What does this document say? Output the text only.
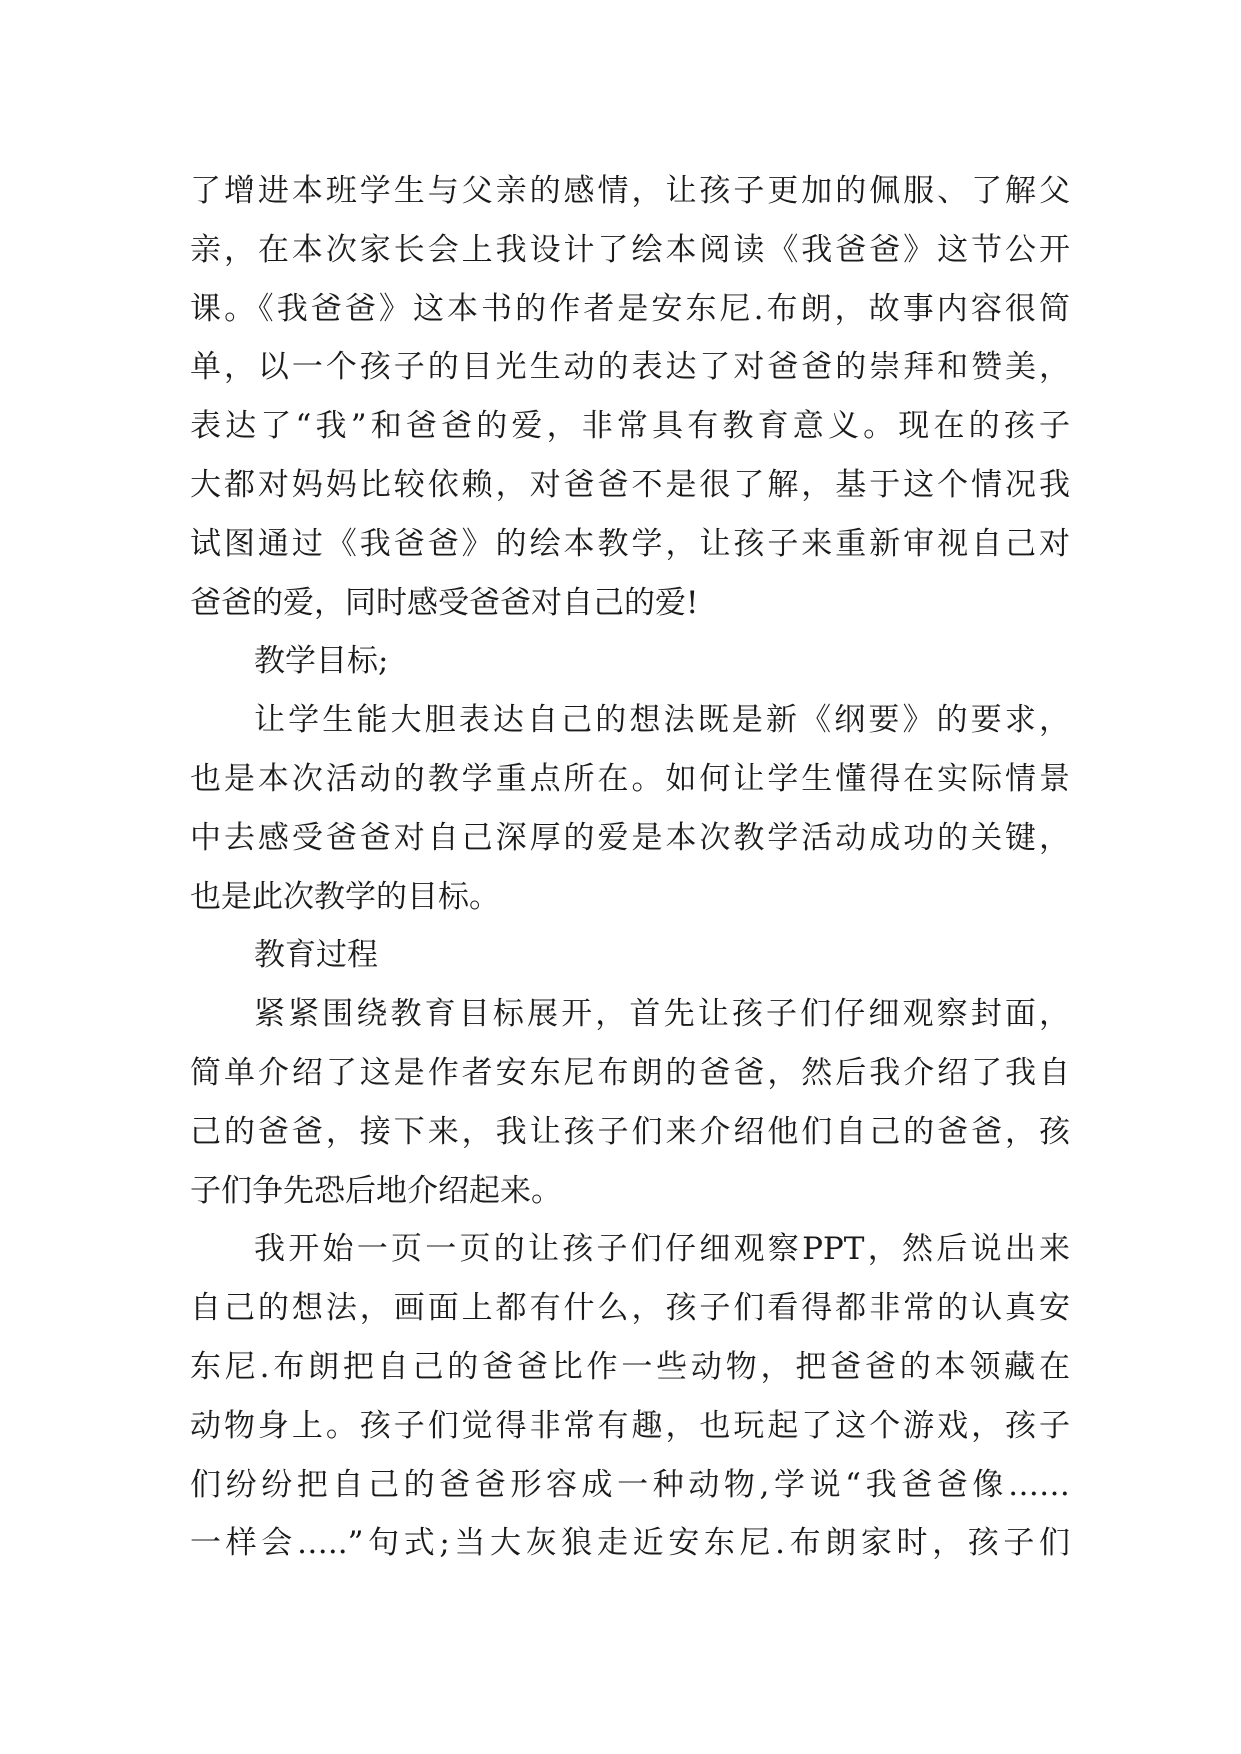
了增进本班学生与父亲的感情，让孩子更加的佩服、了解父
亲，在本次家长会上我设计了绘本阅读《我爸爸》这节公开
课。《我爸爸》这本书的作者是安东尼.布朗，故事内容很简
单，以一个孩子的目光生动的表达了对爸爸的崇拜和赞美，
表达了“我”和爸爸的爱，非常具有教育意义。现在的孩子
大都对妈妈比较依赖，对爸爸不是很了解，基于这个情况我
试图通过《我爸爸》的绘本教学，让孩子来重新审视自己对
爸爸的爱，同时感受爸爸对自己的爱!
教学目标;
让学生能大胆表达自己的想法既是新《纲要》的要求，
也是本次活动的教学重点所在。如何让学生懂得在实际情景
中去感受爸爸对自己深厚的爱是本次教学活动成功的关键，
也是此次教学的目标。
教育过程
紧紧围绕教育目标展开，首先让孩子们仔细观察封面，
简单介绍了这是作者安东尼布朗的爸爸，然后我介绍了我自
己的爸爸，接下来，我让孩子们来介绍他们自己的爸爸，孩
子们争先恐后地介绍起来。
我开始一页一页的让孩子们仔细观察PPT，然后说出来
自己的想法，画面上都有什么，孩子们看得都非常的认真安
东尼.布朗把自己的爸爸比作一些动物，把爸爸的本领藏在
动物身上。孩子们觉得非常有趣，也玩起了这个游戏，孩子
们纷纷把自己的爸爸形容成一种动物,学说“我爸爸像……
一样会…..”句式;当大灰狼走近安东尼.布朗家时，孩子们
